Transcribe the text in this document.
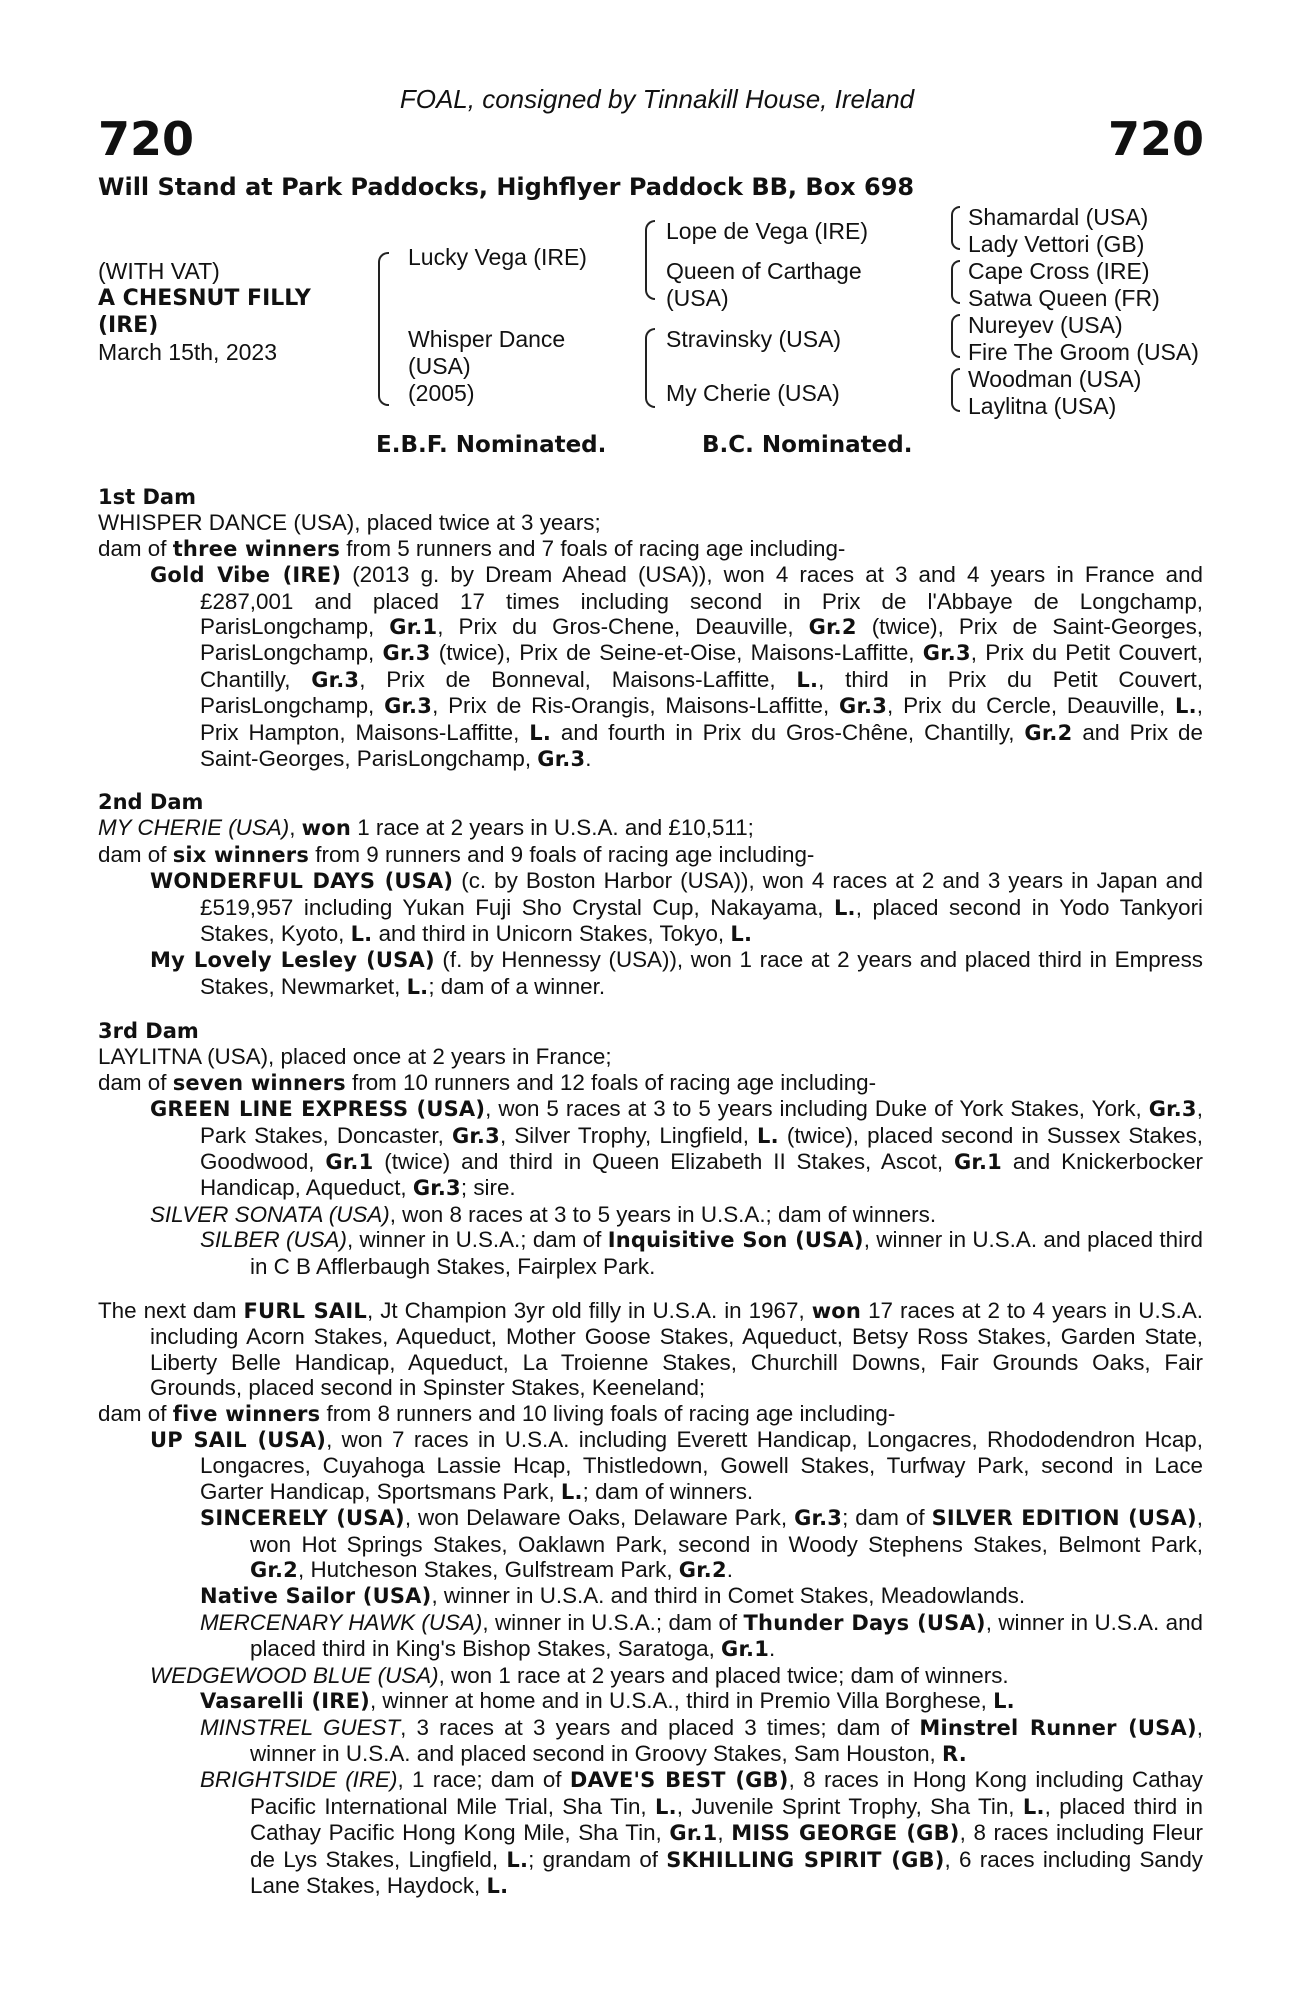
FOAL, consigned by Tinnakill House, Ireland
720	720
Will Stand at Park Paddocks, Highflyer Paddock BB, Box 698
(WITH VAT)
A CHESNUT FILLY
(IRE)
March 15th, 2023
Lucky Vega (IRE)
Whisper Dance
(USA)
(2005)
Lope de Vega (IRE)
Queen of Carthage
(USA)
Stravinsky (USA)
My Cherie (USA)
Shamardal (USA)
Lady Vettori (GB)
Cape Cross (IRE)
Satwa Queen (FR)
Nureyev (USA)
Fire The Groom (USA)
Woodman (USA)
Laylitna (USA)
E.B.F. Nominated.	B.C. Nominated.

1st Dam

WHISPER DANCE (USA), placed twice at 3 years;

dam of three winners from 5 runners and 7 foals of racing age including-

Gold Vibe (IRE) (2013 g. by Dream Ahead (USA)), won 4 races at 3 and 4 years in France and £287,001 and placed 17 times including second in Prix de l'Abbaye de Longchamp, ParisLongchamp, Gr.1, Prix du Gros-Chene, Deauville, Gr.2 (twice), Prix de Saint-Georges, ParisLongchamp, Gr.3 (twice), Prix de Seine-et-Oise, Maisons-Laffitte, Gr.3, Prix du Petit Couvert, Chantilly, Gr.3, Prix de Bonneval, Maisons-Laffitte, L., third in Prix du Petit Couvert, ParisLongchamp, Gr.3, Prix de Ris-Orangis, Maisons-Laffitte, Gr.3, Prix du Cercle, Deauville, L., Prix Hampton, Maisons-Laffitte, L. and fourth in Prix du Gros-Chêne, Chantilly, Gr.2 and Prix de Saint-Georges, ParisLongchamp, Gr.3.

2nd Dam

MY CHERIE (USA), won 1 race at 2 years in U.S.A. and £10,511;

dam of six winners from 9 runners and 9 foals of racing age including-

WONDERFUL DAYS (USA) (c. by Boston Harbor (USA)), won 4 races at 2 and 3 years in Japan and £519,957 including Yukan Fuji Sho Crystal Cup, Nakayama, L., placed second in Yodo Tankyori Stakes, Kyoto, L. and third in Unicorn Stakes, Tokyo, L.

My Lovely Lesley (USA) (f. by Hennessy (USA)), won 1 race at 2 years and placed third in Empress Stakes, Newmarket, L.; dam of a winner.

3rd Dam

LAYLITNA (USA), placed once at 2 years in France;

dam of seven winners from 10 runners and 12 foals of racing age including-

GREEN LINE EXPRESS (USA), won 5 races at 3 to 5 years including Duke of York Stakes, York, Gr.3, Park Stakes, Doncaster, Gr.3, Silver Trophy, Lingfield, L. (twice), placed second in Sussex Stakes, Goodwood, Gr.1 (twice) and third in Queen Elizabeth II Stakes, Ascot, Gr.1 and Knickerbocker Handicap, Aqueduct, Gr.3; sire.

SILVER SONATA (USA), won 8 races at 3 to 5 years in U.S.A.; dam of winners.

SILBER (USA), winner in U.S.A.; dam of Inquisitive Son (USA), winner in U.S.A. and placed third in C B Afflerbaugh Stakes, Fairplex Park.

The next dam FURL SAIL, Jt Champion 3yr old filly in U.S.A. in 1967, won 17 races at 2 to 4 years in U.S.A. including Acorn Stakes, Aqueduct, Mother Goose Stakes, Aqueduct, Betsy Ross Stakes, Garden State, Liberty Belle Handicap, Aqueduct, La Troienne Stakes, Churchill Downs, Fair Grounds Oaks, Fair Grounds, placed second in Spinster Stakes, Keeneland;

dam of five winners from 8 runners and 10 living foals of racing age including-

UP SAIL (USA), won 7 races in U.S.A. including Everett Handicap, Longacres, Rhododendron Hcap, Longacres, Cuyahoga Lassie Hcap, Thistledown, Gowell Stakes, Turfway Park, second in Lace Garter Handicap, Sportsmans Park, L.; dam of winners.

SINCERELY (USA), won Delaware Oaks, Delaware Park, Gr.3; dam of SILVER EDITION (USA), won Hot Springs Stakes, Oaklawn Park, second in Woody Stephens Stakes, Belmont Park, Gr.2, Hutcheson Stakes, Gulfstream Park, Gr.2.

Native Sailor (USA), winner in U.S.A. and third in Comet Stakes, Meadowlands.

MERCENARY HAWK (USA), winner in U.S.A.; dam of Thunder Days (USA), winner in U.S.A. and placed third in King's Bishop Stakes, Saratoga, Gr.1.

WEDGEWOOD BLUE (USA), won 1 race at 2 years and placed twice; dam of winners.

Vasarelli (IRE), winner at home and in U.S.A., third in Premio Villa Borghese, L.

MINSTREL GUEST, 3 races at 3 years and placed 3 times; dam of Minstrel Runner (USA), winner in U.S.A. and placed second in Groovy Stakes, Sam Houston, R.

BRIGHTSIDE (IRE), 1 race; dam of DAVE'S BEST (GB), 8 races in Hong Kong including Cathay Pacific International Mile Trial, Sha Tin, L., Juvenile Sprint Trophy, Sha Tin, L., placed third in Cathay Pacific Hong Kong Mile, Sha Tin, Gr.1, MISS GEORGE (GB), 8 races including Fleur de Lys Stakes, Lingfield, L.; grandam of SKHILLING SPIRIT (GB), 6 races including Sandy Lane Stakes, Haydock, L.
